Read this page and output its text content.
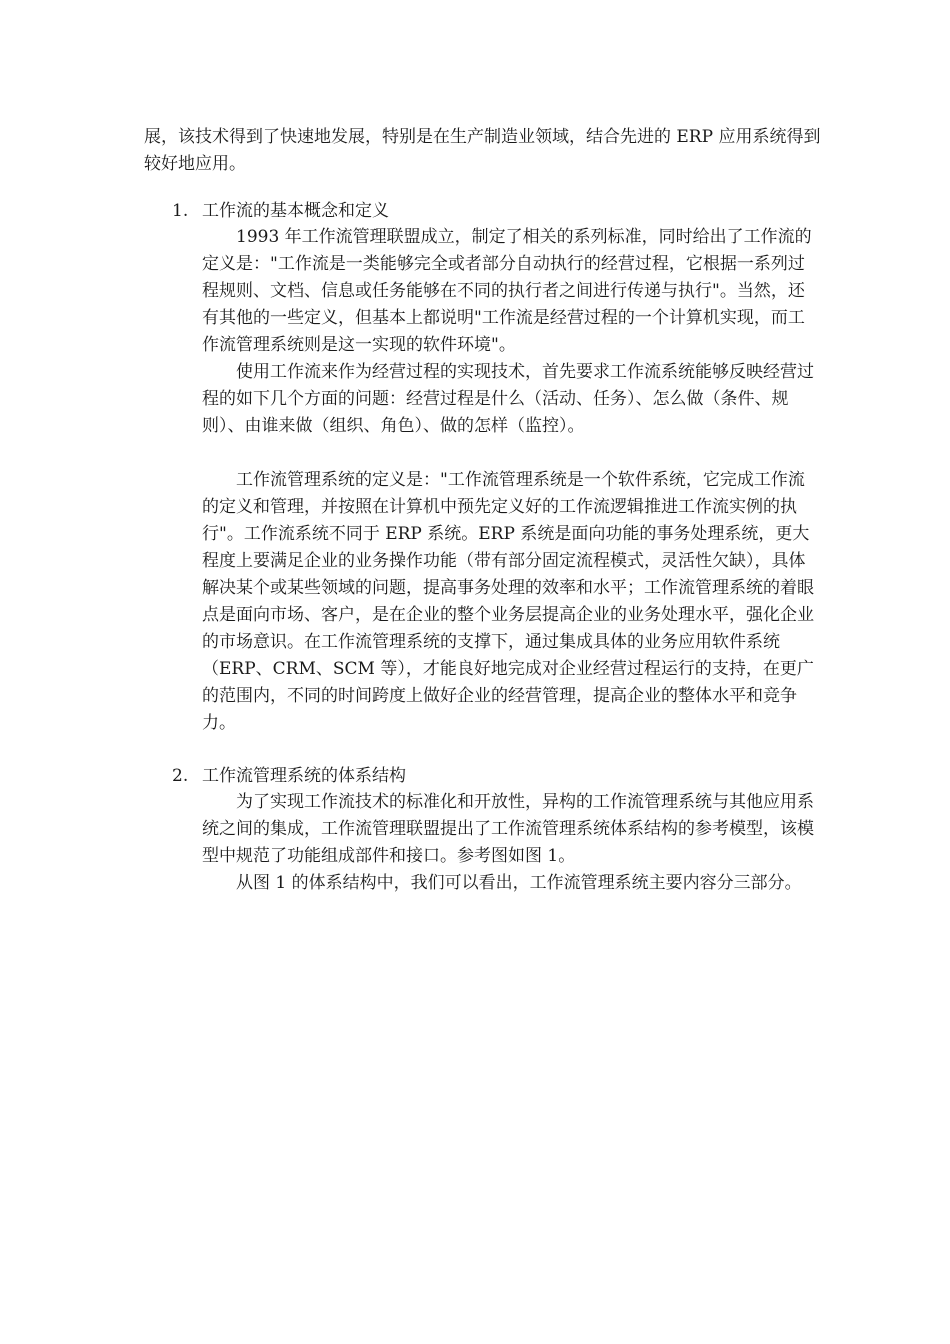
展，该技术得到了快速地发展，特别是在生产制造业领域，结合先进的 ERP 应用系统得到较好地应用。

1. 工作流的基本概念和定义

1993 年工作流管理联盟成立，制定了相关的系列标准，同时给出了工作流的定义是："工作流是一类能够完全或者部分自动执行的经营过程，它根据一系列过程规则、文档、信息或任务能够在不同的执行者之间进行传递与执行"。当然，还有其他的一些定义，但基本上都说明"工作流是经营过程的一个计算机实现，而工作流管理系统则是这一实现的软件环境"。

使用工作流来作为经营过程的实现技术，首先要求工作流系统能够反映经营过程的如下几个方面的问题：经营过程是什么（活动、任务）、怎么做（条件、规则）、由谁来做（组织、角色）、做的怎样（监控）。

工作流管理系统的定义是："工作流管理系统是一个软件系统，它完成工作流的定义和管理，并按照在计算机中预先定义好的工作流逻辑推进工作流实例的执行"。工作流系统不同于 ERP 系统。ERP 系统是面向功能的事务处理系统，更大程度上要满足企业的业务操作功能（带有部分固定流程模式，灵活性欠缺），具体解决某个或某些领域的问题，提高事务处理的效率和水平；工作流管理系统的着眼点是面向市场、客户，是在企业的整个业务层提高企业的业务处理水平，强化企业的市场意识。在工作流管理系统的支撑下，通过集成具体的业务应用软件系统（ERP、CRM、SCM 等），才能良好地完成对企业经营过程运行的支持，在更广的范围内，不同的时间跨度上做好企业的经营管理，提高企业的整体水平和竞争力。

2. 工作流管理系统的体系结构

为了实现工作流技术的标准化和开放性，异构的工作流管理系统与其他应用系统之间的集成，工作流管理联盟提出了工作流管理系统体系结构的参考模型，该模型中规范了功能组成部件和接口。参考图如图 1。

从图 1 的体系结构中，我们可以看出，工作流管理系统主要内容分三部分。
